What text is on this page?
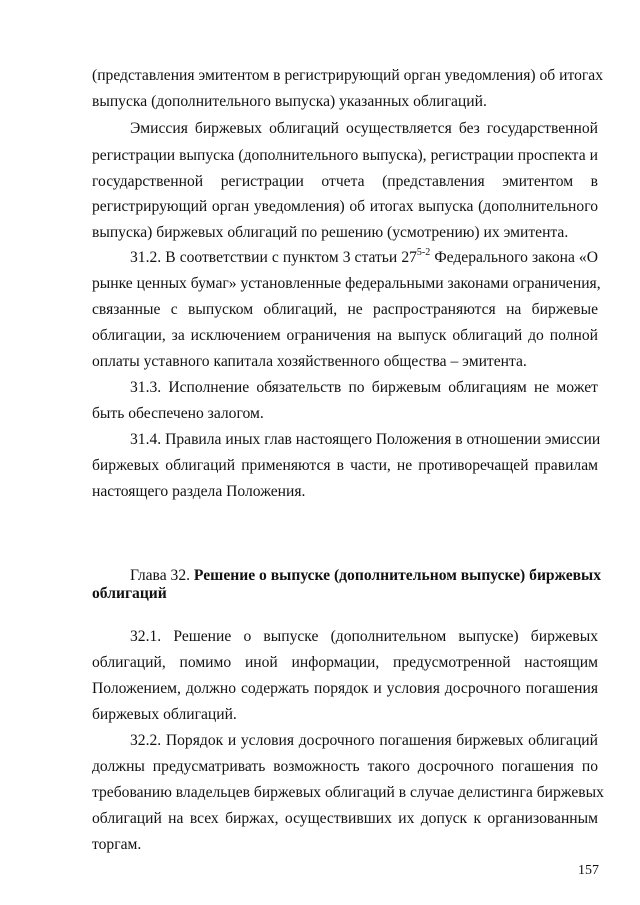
(представления эмитентом в регистрирующий орган уведомления) об итогах
выпуска (дополнительного выпуска) указанных облигаций.
Эмиссия биржевых облигаций осуществляется без государственной
регистрации выпуска (дополнительного выпуска), регистрации проспекта и
государственной регистрации отчета (представления эмитентом в
регистрирующий орган уведомления) об итогах выпуска (дополнительного
выпуска) биржевых облигаций по решению (усмотрению) их эмитента.
31.2. В соответствии с пунктом 3 статьи 27$^{5-2}$ Федерального закона «О
рынке ценных бумаг» установленные федеральными законами ограничения,
связанные с выпуском облигаций, не распространяются на биржевые
облигации, за исключением ограничения на выпуск облигаций до полной
оплаты уставного капитала хозяйственного общества – эмитента.
31.3. Исполнение обязательств по биржевым облигациям не может
быть обеспечено залогом.
31.4. Правила иных глав настоящего Положения в отношении эмиссии
биржевых облигаций применяются в части, не противоречащей правилам
настоящего раздела Положения.
Глава 32. Решение о выпуске (дополнительном выпуске) биржевых
облигаций
32.1. Решение о выпуске (дополнительном выпуске) биржевых
облигаций, помимо иной информации, предусмотренной настоящим
Положением, должно содержать порядок и условия досрочного погашения
биржевых облигаций.
32.2. Порядок и условия досрочного погашения биржевых облигаций
должны предусматривать возможность такого досрочного погашения по
требованию владельцев биржевых облигаций в случае делистинга биржевых
облигаций на всех биржах, осуществивших их допуск к организованным
торгам.
157
